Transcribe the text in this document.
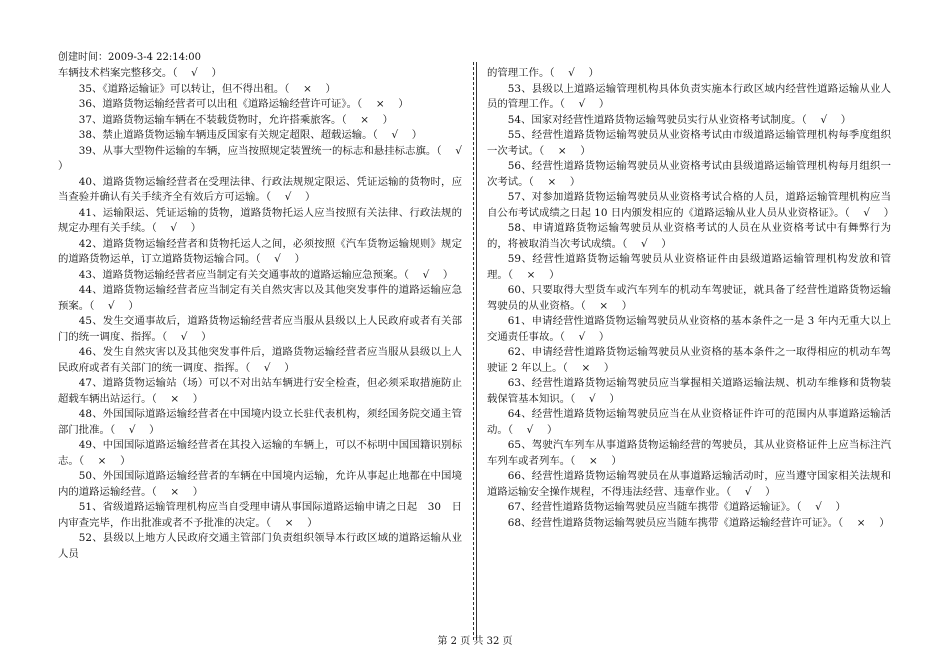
创建时间：2009-3-4 22:14:00

车辆技术档案完整移交。（　 √　 ）

35、《道路运输证》可以转让，但不得出租。（　 ×　 ）

36、道路货物运输经营者可以出租《道路运输经营许可证》。（　 ×　 ）

37、道路货物运输车辆在不装载货物时，允许搭乘旅客。（　 ×　 ）

38、禁止道路货物运输车辆违反国家有关规定超限、超载运输。（　 √　 ）

39、从事大型物件运输的车辆，应当按照规定装置统一的标志和悬挂标志旗。（　 √　 ）

40、道路货物运输经营者在受理法律、行政法规规定限运、凭证运输的货物时，应当查验并确认有关手续齐全有效后方可运输。（　 √　 ）

41、运输限运、凭证运输的货物，道路货物托运人应当按照有关法律、行政法规的规定办理有关手续。（　 √　 ）

42、道路货物运输经营者和货物托运人之间，必须按照《汽车货物运输规则》规定的道路货物运单，订立道路货物运输合同。（　 √　 ）

43、道路货物运输经营者应当制定有关交通事故的道路运输应急预案。（　 √　 ）

44、道路货物运输经营者应当制定有关自然灾害以及其他突发事件的道路运输应急预案。（　 √　 ）

45、发生交通事故后，道路货物运输经营者应当服从县级以上人民政府或者有关部门的统一调度、指挥。（　 √　 ）

46、发生自然灾害以及其他突发事件后，道路货物运输经营者应当服从县级以上人民政府或者有关部门的统一调度、指挥。（　 √　 ）

47、道路货物运输站（场）可以不对出站车辆进行安全检查，但必须采取措施防止超载车辆出站运行。（　 ×　 ）

48、外国国际道路运输经营者在中国境内设立长驻代表机构，须经国务院交通主管部门批准。（　 √　 ）

49、中国国际道路运输经营者在其投入运输的车辆上，可以不标明中国国籍识别标志。（　 ×　 ）

50、外国国际道路运输经营者的车辆在中国境内运输，允许从事起止地都在中国境内的道路运输经营。（　 ×　 ）

51、省级道路运输管理机构应当自受理申请从事国际道路运输申请之日起　30　日内审查完毕，作出批准或者不予批准的决定。（　 ×　 ）

52、县级以上地方人民政府交通主管部门负责组织领导本行政区域的道路运输从业人员

的管理工作。（　 √　 ）

53、县级以上道路运输管理机构具体负责实施本行政区域内经营性道路运输从业人员的管理工作。（　 √　 ）

54、国家对经营性道路货物运输驾驶员实行从业资格考试制度。（　 √　 ）

55、经营性道路货物运输驾驶员从业资格考试由市级道路运输管理机构每季度组织一次考试。（　 ×　 ）

56、经营性道路货物运输驾驶员从业资格考试由县级道路运输管理机构每月组织一次考试。（　 ×　 ）

57、对参加道路货物运输驾驶员从业资格考试合格的人员，道路运输管理机构应当自公布考试成绩之日起 10 日内颁发相应的《道路运输从业人员从业资格证》。（　 √　 ）

58、申请道路货物运输驾驶员从业资格考试的人员在从业资格考试中有舞弊行为的，将被取消当次考试成绩。（　 √　 ）

59、经营性道路货物运输驾驶员从业资格证件由县级道路运输管理机构发放和管理。（　 ×　 ）

60、只要取得大型货车或汽车列车的机动车驾驶证，就具备了经营性道路货物运输驾驶员的从业资格。（　 ×　 ）

61、申请经营性道路货物运输驾驶员从业资格的基本条件之一是 3 年内无重大以上交通责任事故。（　 √　 ）

62、申请经营性道路货物运输驾驶员从业资格的基本条件之一取得相应的机动车驾驶证 2 年以上。（　 ×　 ）

63、经营性道路货物运输驾驶员应当掌握相关道路运输法规、机动车维修和货物装载保管基本知识。（　 √　 ）

64、经营性道路货物运输驾驶员应当在从业资格证件许可的范围内从事道路运输活动。（　 √　 ）

65、驾驶汽车列车从事道路货物运输经营的驾驶员，其从业资格证件上应当标注汽车列车或者列车。（　 ×　 ）

66、经营性道路货物运输驾驶员在从事道路运输活动时，应当遵守国家相关法规和道路运输安全操作规程，不得违法经营、违章作业。（　 √　 ）

67、经营性道路货物运输驾驶员应当随车携带《道路运输证》。（　 √　 ）

68、经营性道路货物运输驾驶员应当随车携带《道路运输经营许可证》。（　 ×　 ）

第 2 页 共 32 页
